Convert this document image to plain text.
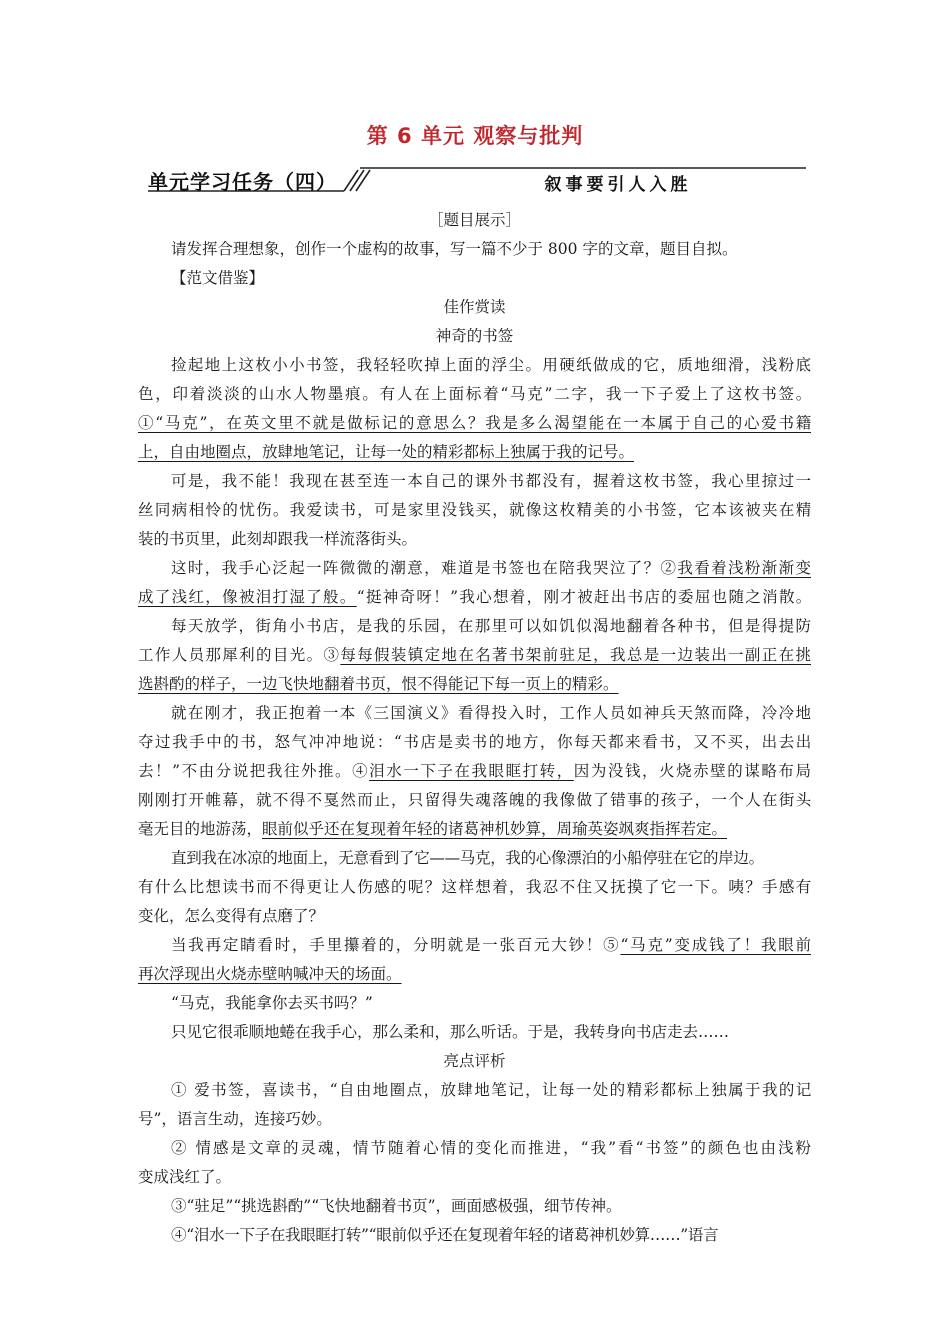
第 6 单元 观察与批判
单元学习任务（四）	叙事要引人入胜
［题目展示］
请发挥合理想象，创作一个虚构的故事，写一篇不少于 800 字的文章，题目自拟。
【范文借鉴】
佳作赏读
神奇的书签
捡起地上这枚小小书签，我轻轻吹掉上面的浮尘。用硬纸做成的它，质地细滑，浅粉底
色，印着淡淡的山水人物墨痕。有人在上面标着“马克”二字，我一下子爱上了这枚书签。
①“马克”，在英文里不就是做标记的意思么？我是多么渴望能在一本属于自己的心爱书籍
上，自由地圈点，放肆地笔记，让每一处的精彩都标上独属于我的记号。
可是，我不能！我现在甚至连一本自己的课外书都没有，握着这枚书签，我心里掠过一
丝同病相怜的忧伤。我爱读书，可是家里没钱买，就像这枚精美的小书签，它本该被夹在精
装的书页里，此刻却跟我一样流落街头。
这时，我手心泛起一阵微微的潮意，难道是书签也在陪我哭泣了？②我看着浅粉渐渐变
成了浅红，像被泪打湿了般。“挺神奇呀！”我心想着，刚才被赶出书店的委屈也随之消散。
每天放学，街角小书店，是我的乐园，在那里可以如饥似渴地翻着各种书，但是得提防
工作人员那犀利的目光。③每每假装镇定地在名著书架前驻足，我总是一边装出一副正在挑
选斟酌的样子，一边飞快地翻着书页，恨不得能记下每一页上的精彩。
就在刚才，我正抱着一本《三国演义》看得投入时，工作人员如神兵天煞而降，冷冷地
夺过我手中的书，怒气冲冲地说：“书店是卖书的地方，你每天都来看书，又不买，出去出
去！”不由分说把我往外推。④泪水一下子在我眼眶打转，因为没钱，火烧赤壁的谋略布局
刚刚打开帷幕，就不得不戛然而止，只留得失魂落魄的我像做了错事的孩子，一个人在街头
毫无目的地游荡，眼前似乎还在复现着年轻的诸葛神机妙算，周瑜英姿飒爽指挥若定。
直到我在冰凉的地面上，无意看到了它——马克，我的心像漂泊的小船停驻在它的岸边。
有什么比想读书而不得更让人伤感的呢？这样想着，我忍不住又抚摸了它一下。咦？手感有
变化，怎么变得有点磨了？
当我再定睛看时，手里攥着的，分明就是一张百元大钞！⑤“马克”变成钱了！我眼前
再次浮现出火烧赤壁呐喊冲天的场面。
“马克，我能拿你去买书吗？”
只见它很乖顺地蜷在我手心，那么柔和，那么听话。于是，我转身向书店走去……
亮点评析
① 爱书签，喜读书，“自由地圈点，放肆地笔记，让每一处的精彩都标上独属于我的记
号”，语言生动，连接巧妙。
② 情感是文章的灵魂，情节随着心情的变化而推进，“我”看“书签”的颜色也由浅粉
变成浅红了。
③“驻足”“挑选斟酌”“飞快地翻着书页”，画面感极强，细节传神。
④“泪水一下子在我眼眶打转”“眼前似乎还在复现着年轻的诸葛神机妙算……”语言
